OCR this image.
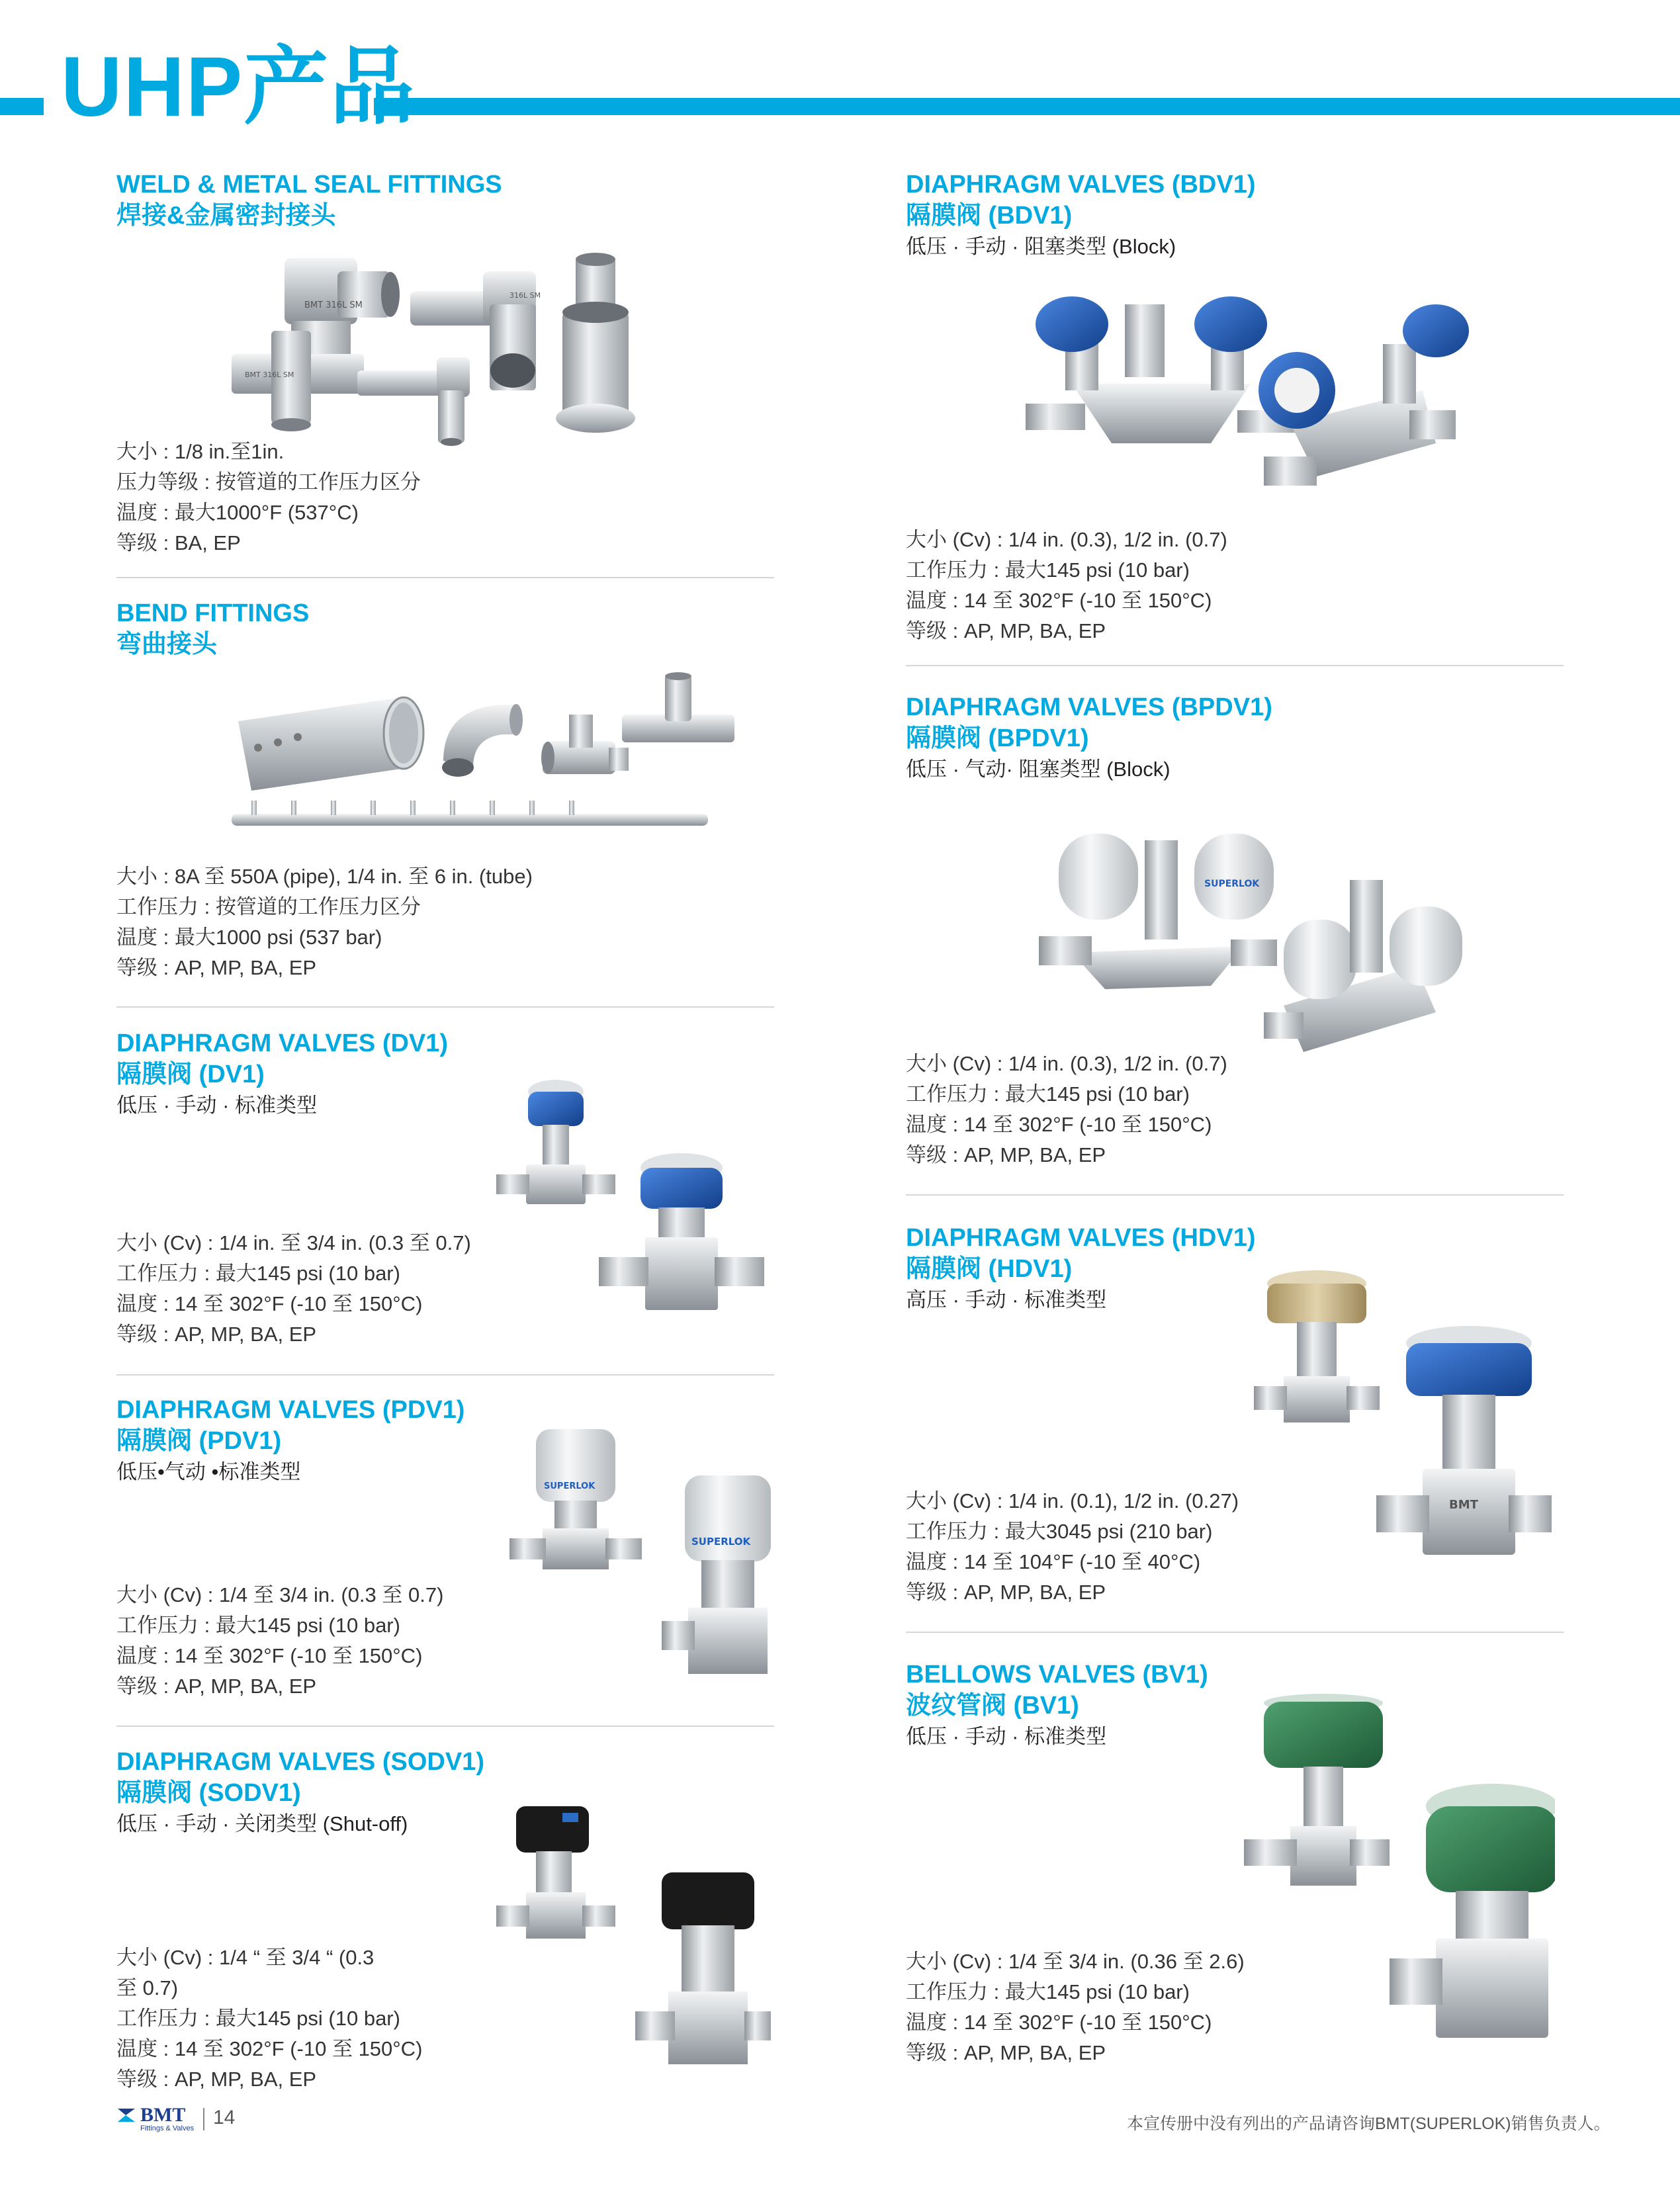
UHP产品
WELD & METAL SEAL FITTINGS
焊接&金属密封接头
BMT 316L SM
316L SM
BMT 316L SM
大小 : 1/8 in.至1in.
压力等级 : 按管道的工作压力区分
温度 : 最大1000°F (537°C)
等级 : BA, EP
BEND FITTINGS
弯曲接头
大小 : 8A 至 550A (pipe), 1/4 in. 至 6 in. (tube)
工作压力 : 按管道的工作压力区分
温度 : 最大1000 psi (537 bar)
等级 : AP, MP, BA, EP
DIAPHRAGM VALVES (DV1)
隔膜阀 (DV1)
低压 · 手动 · 标准类型
大小 (Cv) : 1/4 in. 至 3/4 in. (0.3 至 0.7)
工作压力 : 最大145 psi (10 bar)
温度 : 14 至 302°F (-10 至 150°C)
等级 : AP, MP, BA, EP
DIAPHRAGM VALVES (PDV1)
隔膜阀 (PDV1)
低压•气动 •标准类型
SUPERLOK
SUPERLOK
大小 (Cv) : 1/4 至 3/4 in. (0.3 至 0.7)
工作压力 : 最大145 psi (10 bar)
温度 : 14 至 302°F (-10 至 150°C)
等级 : AP, MP, BA, EP
DIAPHRAGM VALVES (SODV1)
隔膜阀 (SODV1)
低压 · 手动 · 关闭类型 (Shut-off)
大小 (Cv) : 1/4 “ 至 3/4 “ (0.3
至 0.7)
工作压力 : 最大145 psi (10 bar)
温度 : 14 至 302°F (-10 至 150°C)
等级 : AP, MP, BA, EP
DIAPHRAGM VALVES (BDV1)
隔膜阀 (BDV1)
低压 · 手动 · 阻塞类型 (Block)
大小 (Cv) : 1/4 in. (0.3), 1/2 in. (0.7)
工作压力 : 最大145 psi (10 bar)
温度 : 14 至 302°F (-10 至 150°C)
等级 : AP, MP, BA, EP
DIAPHRAGM VALVES (BPDV1)
隔膜阀 (BPDV1)
低压 · 气动· 阻塞类型 (Block)
SUPERLOK
大小 (Cv) : 1/4 in. (0.3), 1/2 in. (0.7)
工作压力 : 最大145 psi (10 bar)
温度 : 14 至 302°F (-10 至 150°C)
等级 : AP, MP, BA, EP
DIAPHRAGM VALVES (HDV1)
隔膜阀 (HDV1)
高压 · 手动 · 标准类型
BMT
大小 (Cv) : 1/4 in. (0.1), 1/2 in. (0.27)
工作压力 : 最大3045 psi (210 bar)
温度 : 14 至 104°F (-10 至 40°C)
等级 : AP, MP, BA, EP
BELLOWS VALVES (BV1)
波纹管阀 (BV1)
低压 · 手动 · 标准类型
大小 (Cv) : 1/4 至 3/4 in. (0.36 至 2.6)
工作压力 : 最大145 psi (10 bar)
温度 : 14 至 302°F (-10 至 150°C)
等级 : AP, MP, BA, EP
BMT
Fittings & Valves 14	本宣传册中没有列出的产品请咨询BMT(SUPERLOK)销售负责人。
